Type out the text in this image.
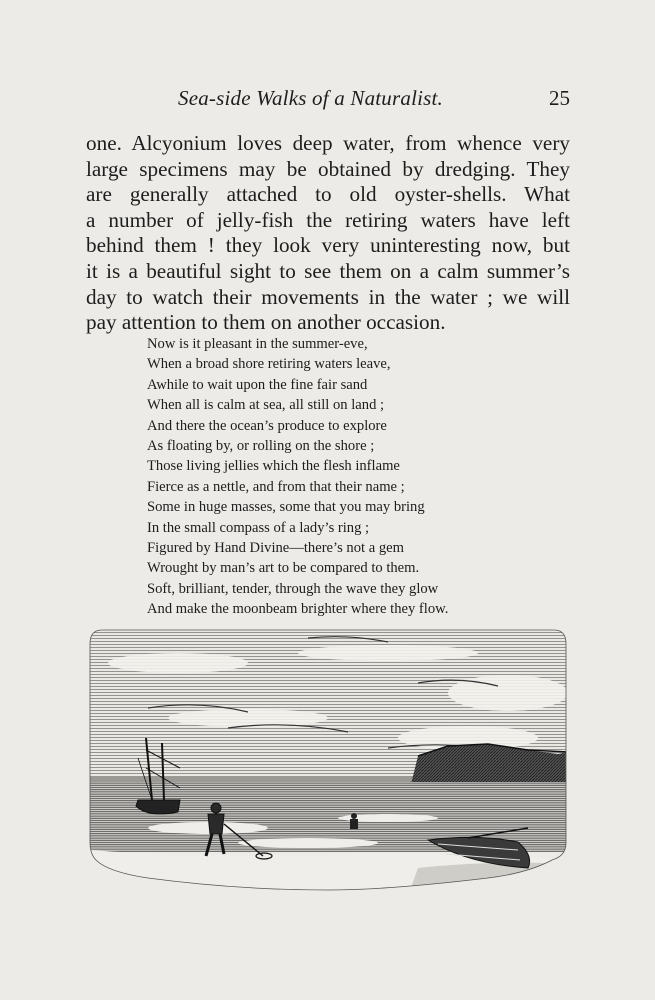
Sea-side Walks of a Naturalist.	25
one. Alcyonium loves deep water, from whence very
large specimens may be obtained by dredging. They
are generally attached to old oyster-shells. What
a number of jelly-fish the retiring waters have left
behind them ! they look very uninteresting now, but
it is a beautiful sight to see them on a calm summer’s
day to watch their movements in the water ; we will
pay attention to them on another occasion.
Now is it pleasant in the summer-eve,
When a broad shore retiring waters leave,
Awhile to wait upon the fine fair sand
When all is calm at sea, all still on land ;
And there the ocean’s produce to explore
As floating by, or rolling on the shore ;
Those living jellies which the flesh inflame
Fierce as a nettle, and from that their name ;
Some in huge masses, some that you may bring
In the small compass of a lady’s ring ;
Figured by Hand Divine—there’s not a gem
Wrought by man’s art to be compared to them.
Soft, brilliant, tender, through the wave they glow
And make the moonbeam brighter where they flow.
